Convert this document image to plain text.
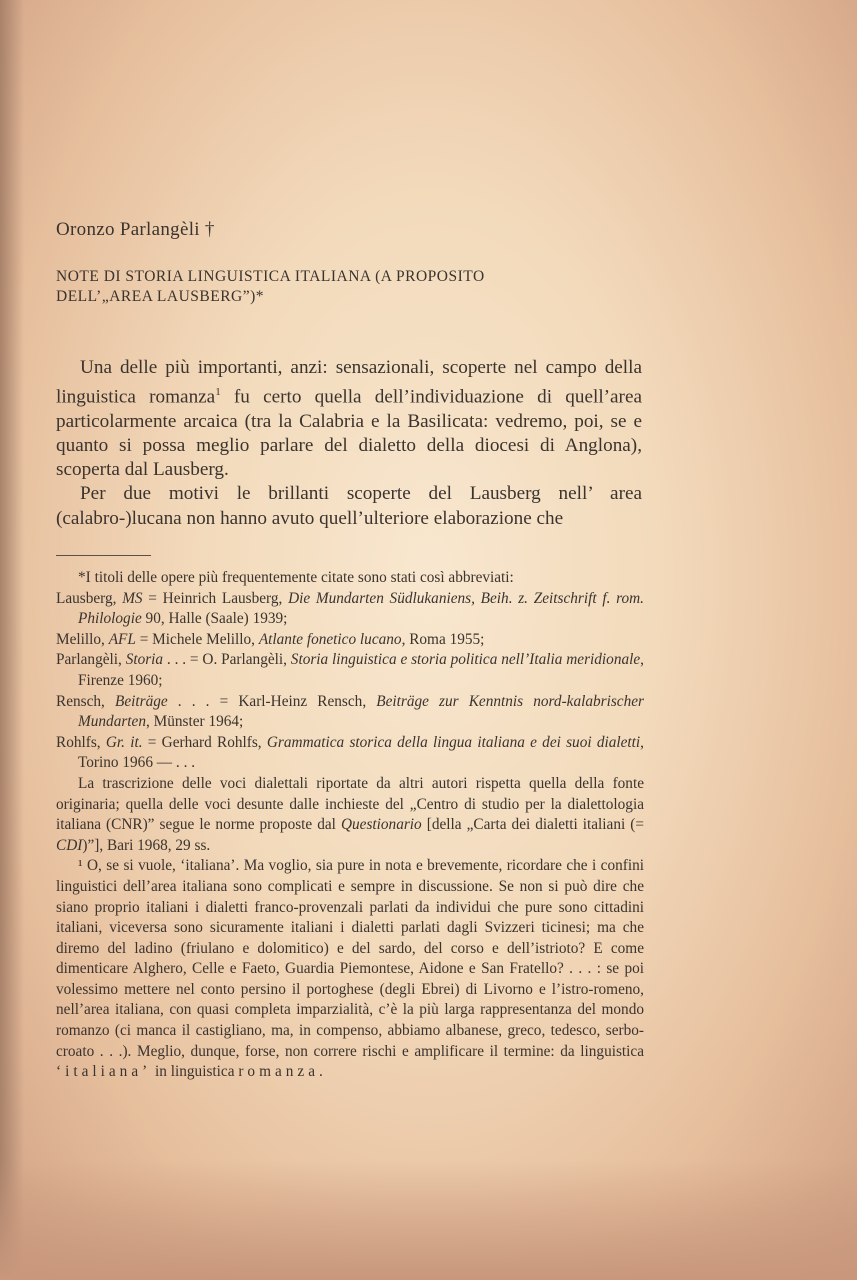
Oronzo Parlangèli †
NOTE DI STORIA LINGUISTICA ITALIANA (A PROPOSITO
DELL’„AREA LAUSBERG”)*

Una delle più importanti, anzi: sensazionali, scoperte nel campo della linguistica romanza$^1$ fu certo quella dell’individuazione di quell’area particolarmente arcaica (tra la Calabria e la Basilicata: vedremo, poi, se e quanto si possa meglio parlare del dialetto della diocesi di Anglona), scoperta dal Lausberg.

Per due motivi le brillanti scoperte del Lausberg nell’ area (calabro-)lucana non hanno avuto quell’ulteriore elaborazione che

*I titoli delle opere più frequentemente citate sono stati così abbreviati:

Lausberg, MS = Heinrich Lausberg, Die Mundarten Südlukaniens, Beih. z. Zeitschrift f. rom. Philologie 90, Halle (Saale) 1939;

Melillo, AFL = Michele Melillo, Atlante fonetico lucano, Roma 1955;

Parlangèli, Storia . . . = O. Parlangèli, Storia linguistica e storia politica nell’Italia meridionale, Firenze 1960;

Rensch, Beiträge . . . = Karl-Heinz Rensch, Beiträge zur Kenntnis nord-kalabrischer Mundarten, Münster 1964;

Rohlfs, Gr. it. = Gerhard Rohlfs, Grammatica storica della lingua italiana e dei suoi dialetti, Torino 1966 — . . .

La trascrizione delle voci dialettali riportate da altri autori rispetta quella della fonte originaria; quella delle voci desunte dalle inchieste del „Centro di studio per la dialettologia italiana (CNR)” segue le norme proposte dal Questionario [della „Carta dei dialetti italiani (= CDI)”], Bari 1968, 29 ss.

¹ O, se si vuole, ‘italiana’. Ma voglio, sia pure in nota e brevemente, ricordare che i confini linguistici dell’area italiana sono complicati e sempre in discussione. Se non si può dire che siano proprio italiani i dialetti franco-provenzali parlati da individui che pure sono cittadini italiani, viceversa sono sicuramente italiani i dialetti parlati dagli Svizzeri ticinesi; ma che diremo del ladino (friulano e dolomitico) e del sardo, del corso e dell’istrioto? E come dimenticare Alghero, Celle e Faeto, Guardia Piemontese, Aidone e San Fratello? . . . : se poi volessimo mettere nel conto persino il portoghese (degli Ebrei) di Livorno e l’istro-romeno, nell’area italiana, con quasi completa imparzialità, c’è la più larga rappresentanza del mondo romanzo (ci manca il castigliano, ma, in compenso, abbiamo albanese, greco, tedesco, serbo-croato . . .). Meglio, dunque, forse, non correre rischi e amplificare il termine: da linguistica ‘italiana’ in linguistica romanza.
